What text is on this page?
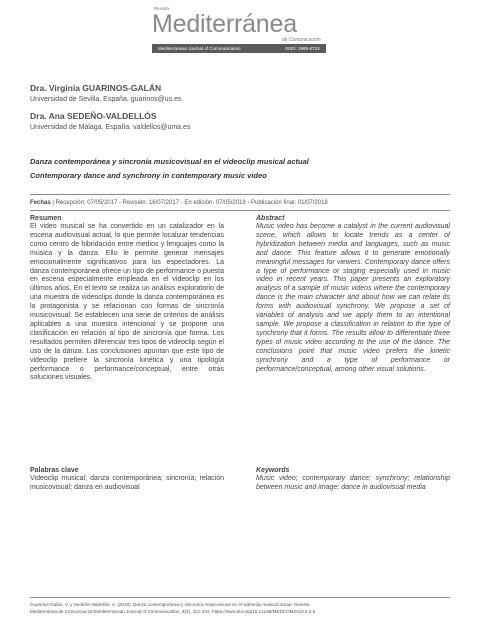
Revista
Mediterránea
de Comunicación
Mediterranean Journal of Communication	ISSN: 1989-872X
Dra. Virginia GUARINOS-GALÁN
Universidad de Sevilla. España. guarinos@us.es
Dra. Ana SEDEÑO-VALDELLÓS
Universidad de Málaga. España. valdellos@uma.es
Danza contemporánea y sincronía musicovisual en el videoclip musical actual
Contemporary dance and synchrony in contemporary music video
Fechas | Recepción: 07/05/2017 - Revisión: 16/07/2017 - En edición: 07/05/2018 - Publicación final: 01/07/2018
Resumen
El video musical se ha convertido en un catalizador en la escena audiovisual actual, lo que permite localizar tendencias como centro de hibridación entre medios y lenguajes como la música y la danza. Ello le permite generar mensajes emocionalmente significativos para los espectadores. La danza contemporánea ofrece un tipo de performance o puesta en escena especialmente empleada en el videoclip en los últimos años. En el texto se realiza un análisis exploratorio de una muestra de videoclips donde la danza contemporánea es la protagonista y se relacionan con formas de sincronía musicovisual. Se establecen una serie de criterios de análisis aplicables a una muestra intencional y se propone una clasificación en relación al tipo de sincronía que forma. Los resultados permiten diferenciar tres tipos de videoclip según el uso de la danza. Las conclusiones apuntan que este tipo de videoclip prefiere la sincronía kinética y una tipología performance o performance/conceptual, entre otras soluciones visuales.
Abstract
Music video has become a catalyst in the current audiovisual scene, which allows to locate trends as a center of hybridization between media and languages, such as music and dance. This feature allows it to generate emotionally meaningful messages for viewers. Contemporary dance offers a type of performance or staging especially used in music video in recent years. This paper presents an exploratory analysis of a sample of music videos where the contemporary dance is the main character and about how we can relate its forms with audiovisual synchrony. We propose a set of variables of analysis and we apply them to an intentional sample. We propose a classification in relation to the type of synchrony that it forms. The results allow to differentiate three types of music video according to the use of the dance. The conclusions point that music video prefers the kinetic synchrony and a type of performance or performance/conceptual, among other visual solutions.
Palabras clave
Videoclip musical; danza contemporánea; sincronía; relación musicovisual; danza en audiovisual
Keywords
Music video; contemporary dance; synchrony; relationship between music and image; dance in audiovisual media
Guarinos-Galán, V. y Sedeño-Valdellós, A. (2018). Danza contemporánea y sincronía musicovisual en el videoclip musical actual. Revista
Mediterránea de Comunicación/Mediterranean Journal of Communication, 9(2), 321-332. https://www.doi.org/10.14198/MEDCOM2018.9.2.5
